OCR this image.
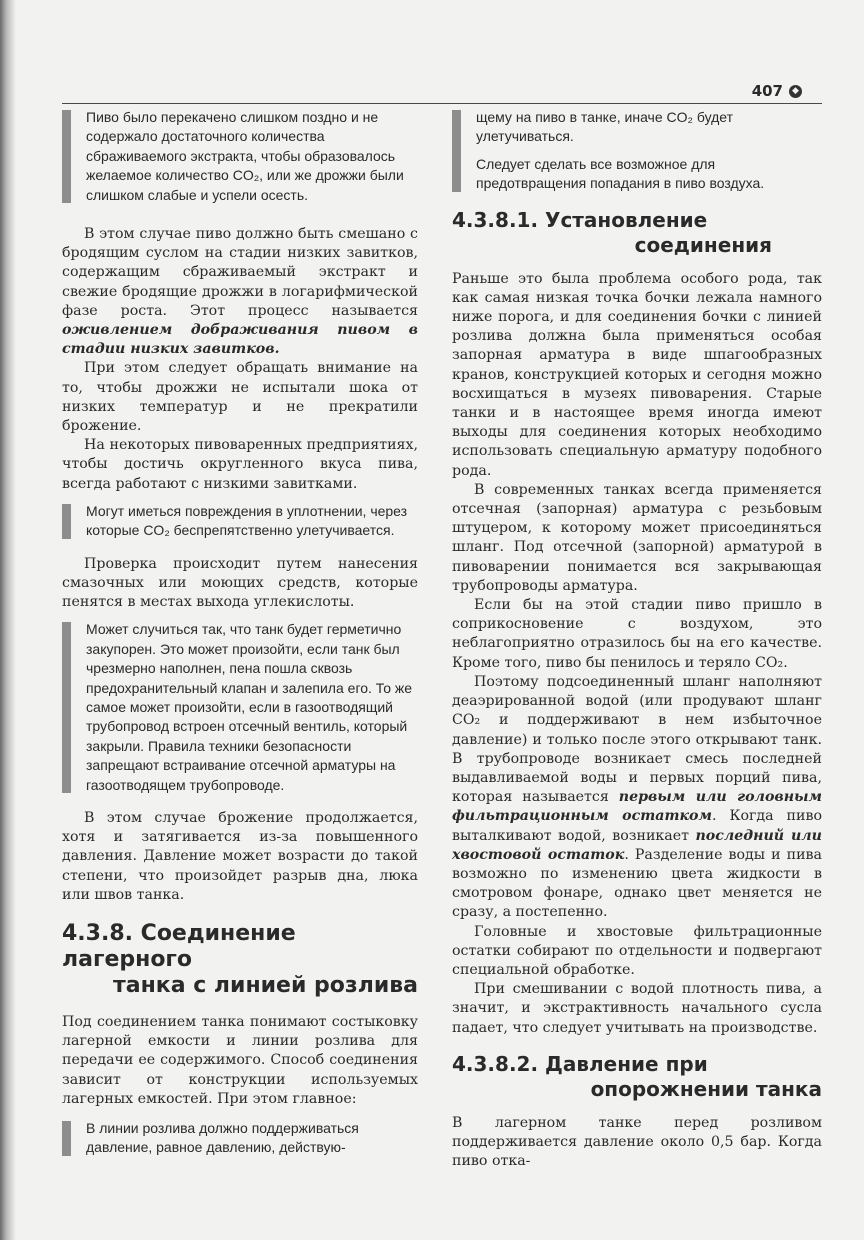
407	◆

Пиво было перекачено слишком поздно и не содержало достаточного количества сбраживаемого экстракта, чтобы образовалось желаемое количество CO₂, или же дрожжи были слишком слабые и успели осесть.

В этом случае пиво должно быть смешано с бродящим суслом на стадии низких завитков, содержащим сбраживаемый экстракт и свежие бродящие дрожжи в логарифмической фазе роста. Этот процесс называется оживлением дображивания пивом в стадии низких завитков.

При этом следует обращать внимание на то, чтобы дрожжи не испытали шока от низких температур и не прекратили брожение.

На некоторых пивоваренных предприятиях, чтобы достичь округленного вкуса пива, всегда работают с низкими завитками.

Могут иметься повреждения в уплотнении, через которые CO₂ беспрепятственно улетучивается.

Проверка происходит путем нанесения смазочных или моющих средств, которые пенятся в местах выхода углекислоты.

Может случиться так, что танк будет герметично закупорен. Это может произойти, если танк был чрезмерно наполнен, пена пошла сквозь предохранительный клапан и залепила его. То же самое может произойти, если в газоотводящий трубопровод встроен отсечный вентиль, который закрыли. Правила техники безопасности запрещают встраивание отсечной арматуры на газоотводящем трубопроводе.

В этом случае брожение продолжается, хотя и затягивается из-за повышенного давления. Давление может возрасти до такой степени, что произойдет разрыв дна, люка или швов танка.

4.3.8. Соединение лагерного
танка с линией розлива

Под соединением танка понимают состыковку лагерной емкости и линии розлива для передачи ее содержимого. Способ соединения зависит от конструкции используемых лагерных емкостей. При этом главное:

В линии розлива должно поддерживаться давление, равное давлению, действую-

щему на пиво в танке, иначе CO₂ будет улетучиваться.

Следует сделать все возможное для предотвращения попадания в пиво воздуха.

4.3.8.1. Установление
соединения

Раньше это была проблема особого рода, так как самая низкая точка бочки лежала намного ниже порога, и для соединения бочки с линией розлива должна была применяться особая запорная арматура в виде шпагообразных кранов, конструкцией которых и сегодня можно восхищаться в музеях пивоварения. Старые танки и в настоящее время иногда имеют выходы для соединения которых необходимо использовать специальную арматуру подобного рода.

В современных танках всегда применяется отсечная (запорная) арматура с резьбовым штуцером, к которому может присоединяться шланг. Под отсечной (запорной) арматурой в пивоварении понимается вся закрывающая трубопроводы арматура.

Если бы на этой стадии пиво пришло в соприкосновение с воздухом, это неблагоприятно отразилось бы на его качестве. Кроме того, пиво бы пенилось и теряло CO₂.

Поэтому подсоединенный шланг наполняют деаэрированной водой (или продувают шланг CO₂ и поддерживают в нем избыточное давление) и только после этого открывают танк. В трубопроводе возникает смесь последней выдавливаемой воды и первых порций пива, которая называется первым или головным фильтрационным остатком. Когда пиво выталкивают водой, возникает последний или хвостовой остаток. Разделение воды и пива возможно по изменению цвета жидкости в смотровом фонаре, однако цвет меняется не сразу, а постепенно.

Головные и хвостовые фильтрационные остатки собирают по отдельности и подвергают специальной обработке.

При смешивании с водой плотность пива, а значит, и экстрактивность начального сусла падает, что следует учитывать на производстве.

4.3.8.2. Давление при
опорожнении танка

В лагерном танке перед розливом поддерживается давление около 0,5 бар. Когда пиво отка-
